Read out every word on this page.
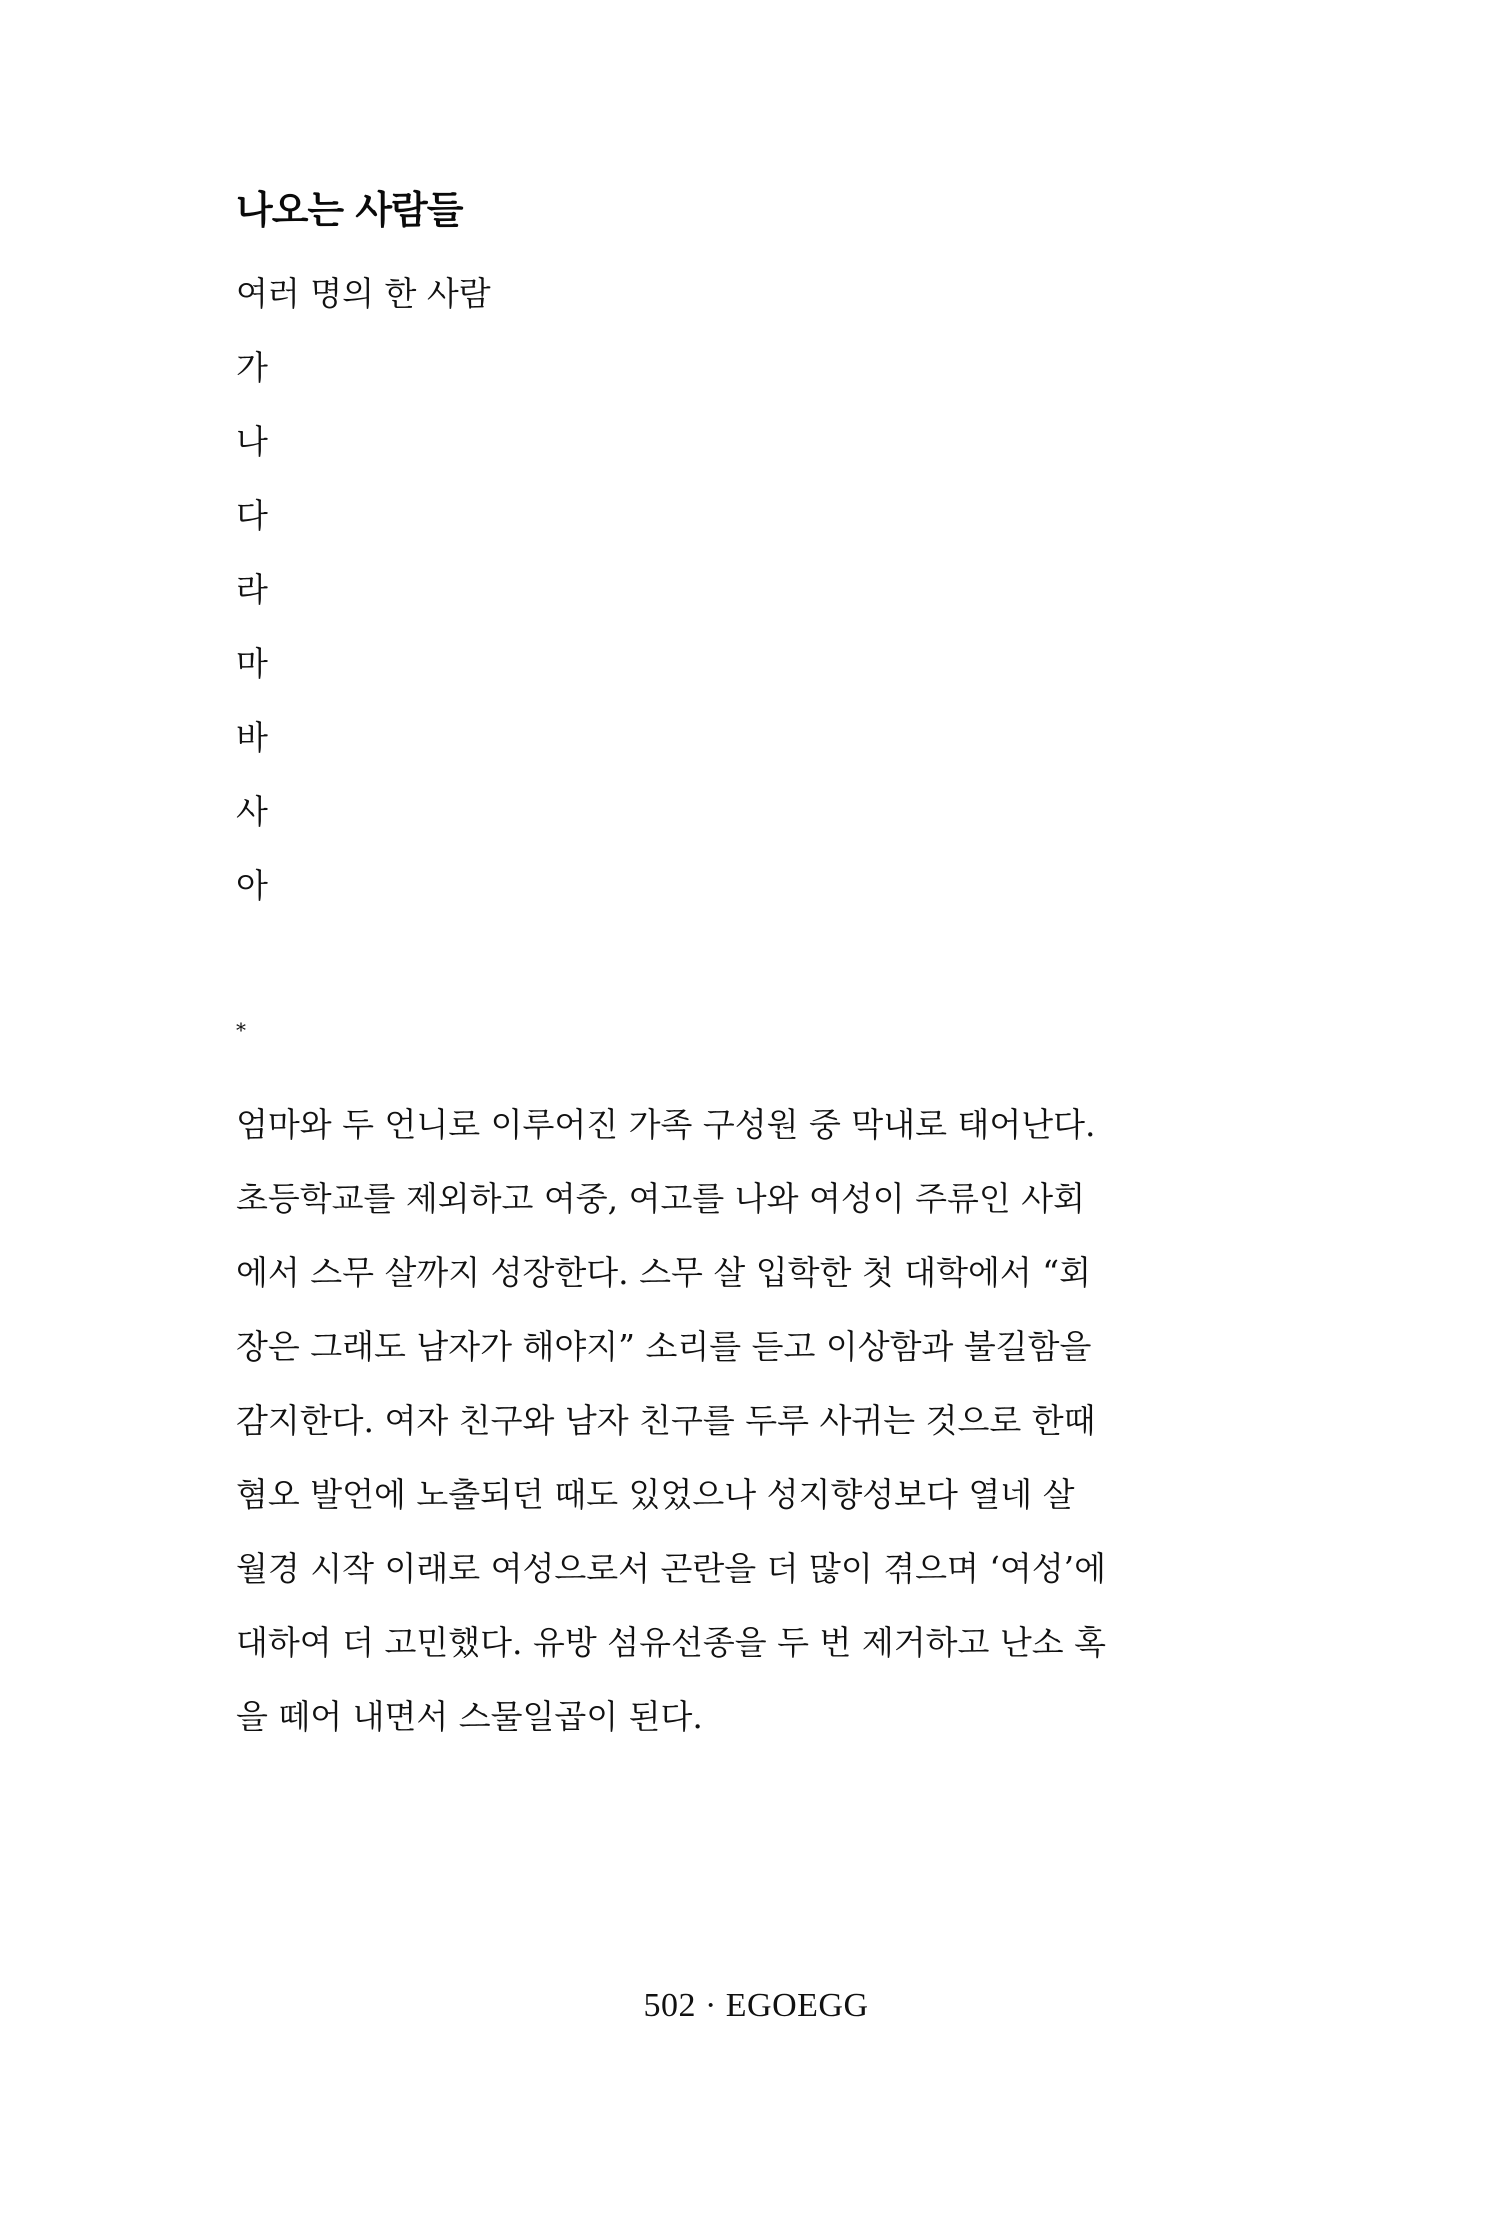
나오는 사람들

여러 명의 한 사람

가
나
다
라
마
바
사
아

*

엄마와 두 언니로 이루어진 가족 구성원 중 막내로 태어난다.
초등학교를 제외하고 여중, 여고를 나와 여성이 주류인 사회
에서 스무 살까지 성장한다. 스무 살 입학한 첫 대학에서 “회
장은 그래도 남자가 해야지” 소리를 듣고 이상함과 불길함을
감지한다. 여자 친구와 남자 친구를 두루 사귀는 것으로 한때
혐오 발언에 노출되던 때도 있었으나 성지향성보다 열네 살
월경 시작 이래로 여성으로서 곤란을 더 많이 겪으며 ‘여성’에
대하여 더 고민했다. 유방 섬유선종을 두 번 제거하고 난소 혹
을 떼어 내면서 스물일곱이 된다.

502 · EGOEGG
